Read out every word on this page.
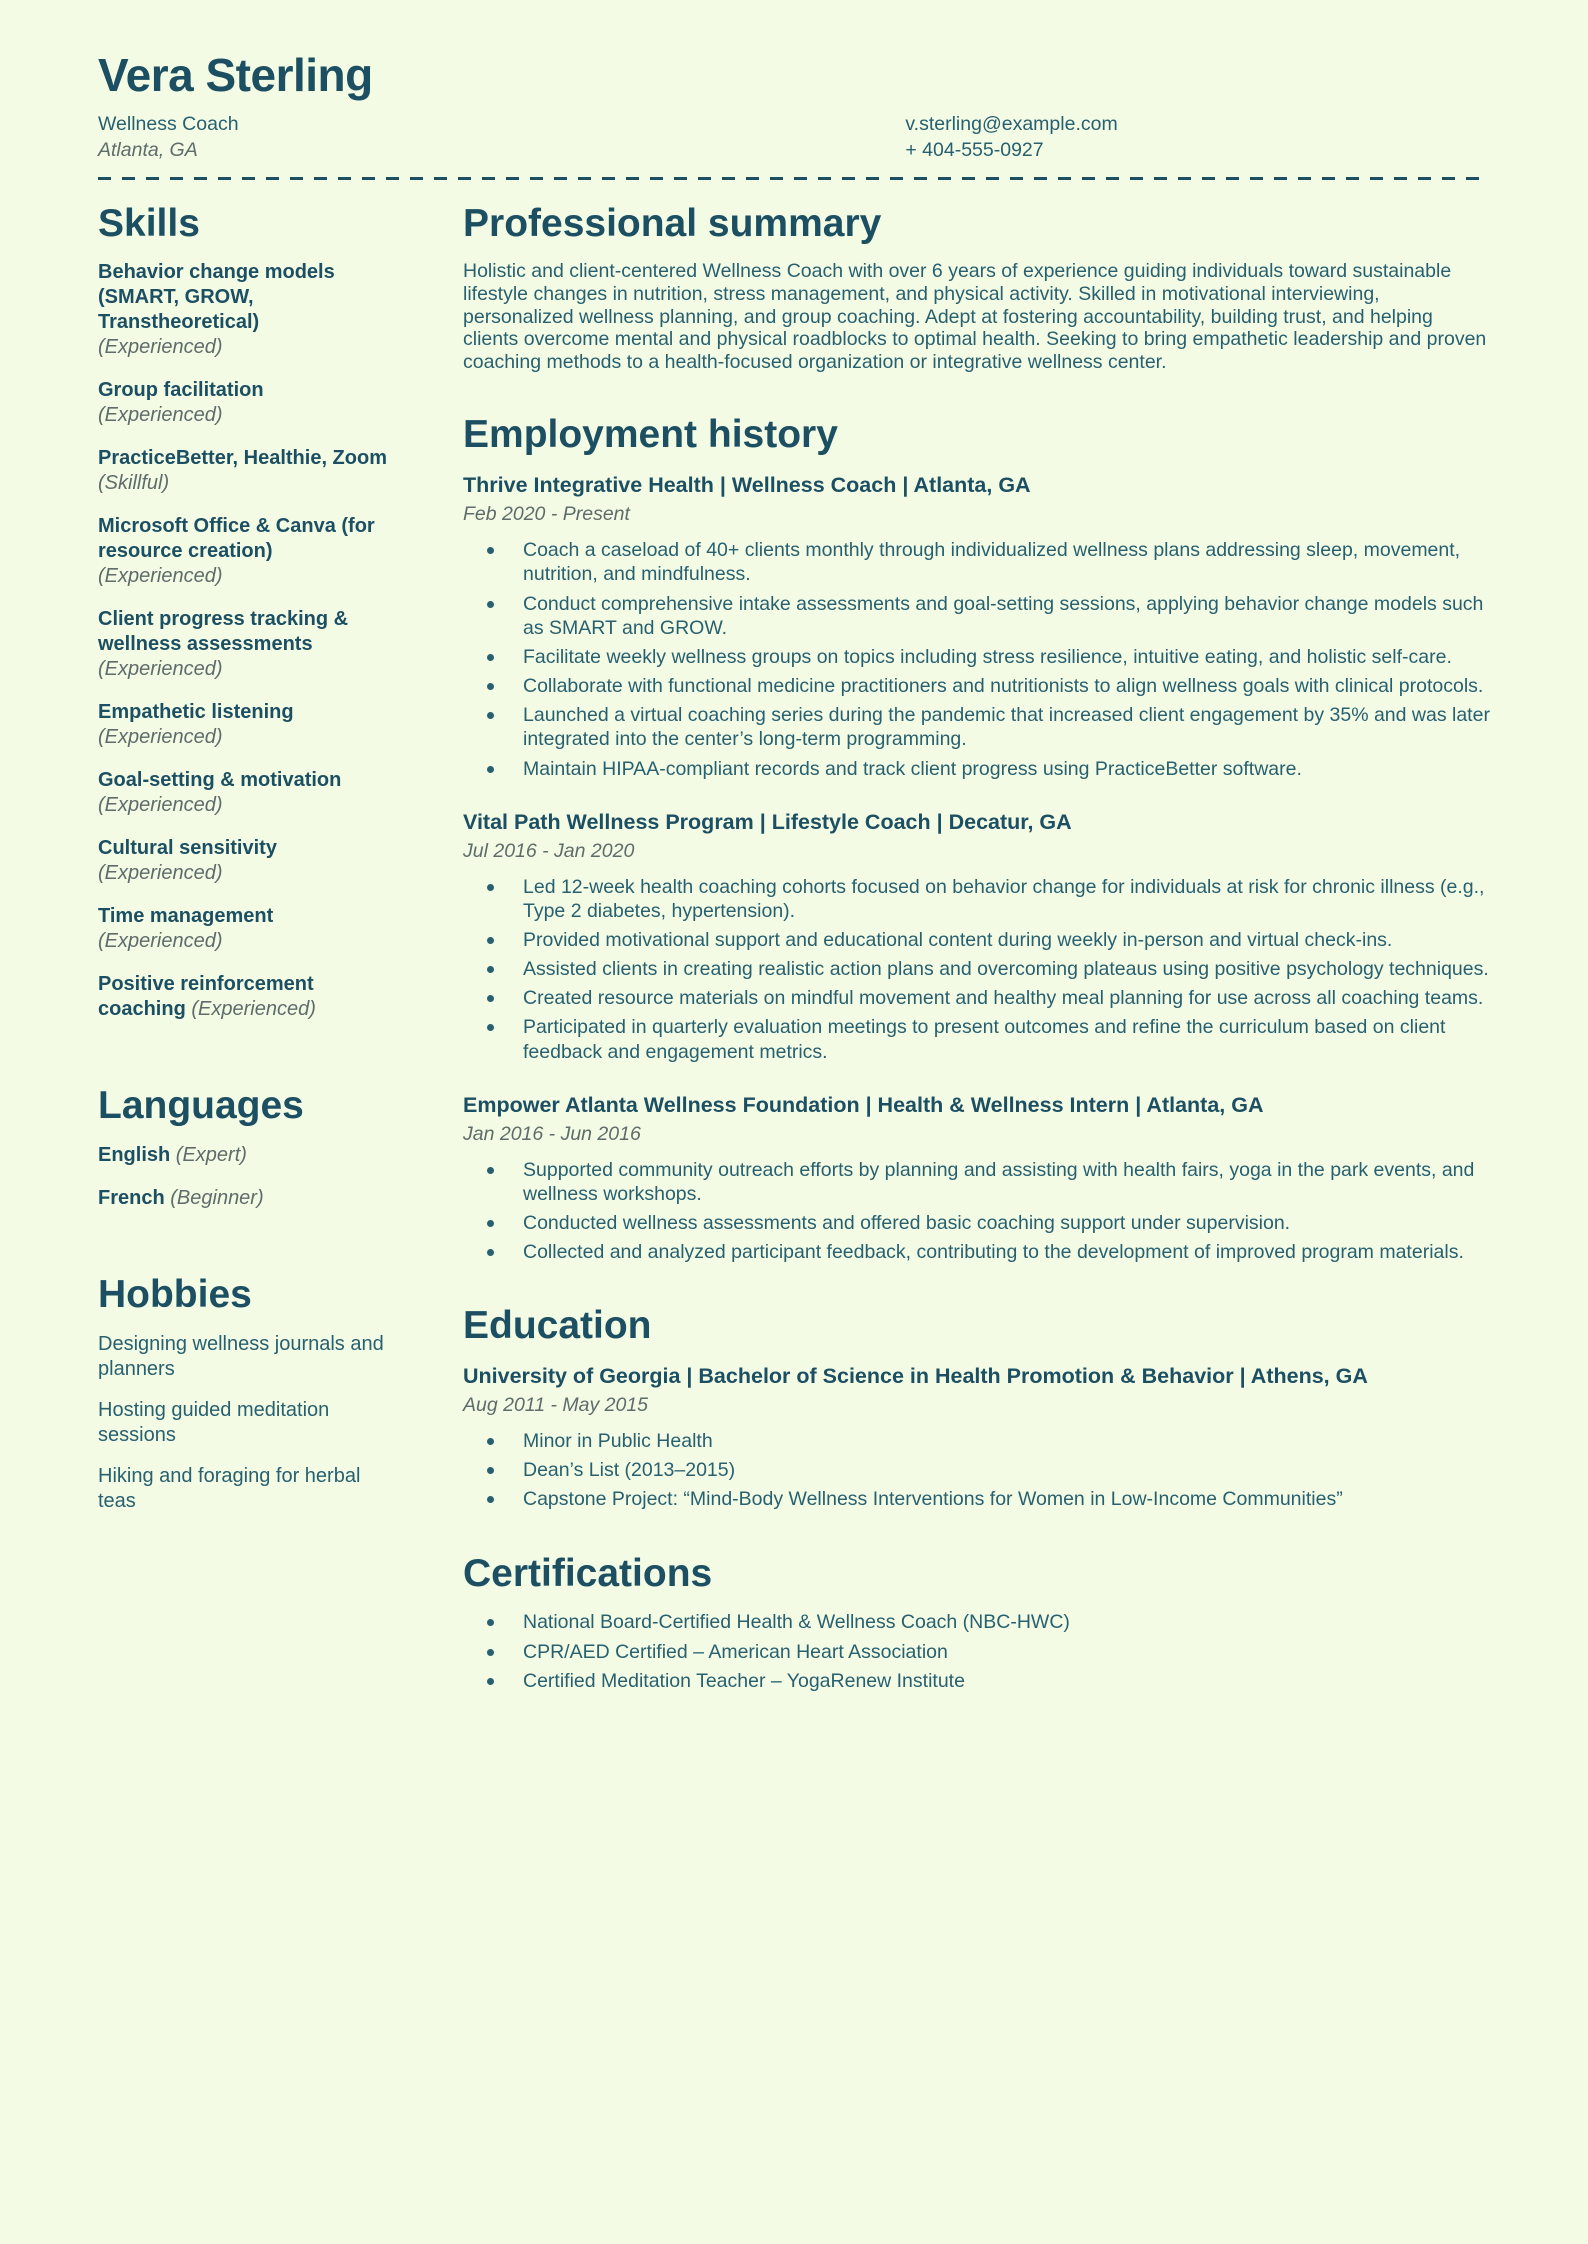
Vera Sterling
Wellness Coach	v.sterling@example.com
Atlanta, GA	+ 404-555-0927
Skills
Behavior change models (SMART, GROW, Transtheoretical)
(Experienced)
Group facilitation
(Experienced)
PracticeBetter, Healthie, Zoom (Skillful)
Microsoft Office & Canva (for resource creation)
(Experienced)
Client progress tracking & wellness assessments
(Experienced)
Empathetic listening
(Experienced)
Goal-setting & motivation
(Experienced)
Cultural sensitivity
(Experienced)
Time management
(Experienced)
Positive reinforcement coaching (Experienced)
Languages
English (Expert)
French (Beginner)
Hobbies
Designing wellness journals and planners
Hosting guided meditation sessions
Hiking and foraging for herbal teas
Professional summary

Holistic and client-centered Wellness Coach with over 6 years of experience guiding individuals toward sustainable lifestyle changes in nutrition, stress management, and physical activity. Skilled in motivational interviewing, personalized wellness planning, and group coaching. Adept at fostering accountability, building trust, and helping clients overcome mental and physical roadblocks to optimal health. Seeking to bring empathetic leadership and proven coaching methods to a health-focused organization or integrative wellness center.

Employment history
Thrive Integrative Health | Wellness Coach | Atlanta, GA
Feb 2020 - Present
Coach a caseload of 40+ clients monthly through individualized wellness plans addressing sleep, movement, nutrition, and mindfulness.
Conduct comprehensive intake assessments and goal-setting sessions, applying behavior change models such as SMART and GROW.
Facilitate weekly wellness groups on topics including stress resilience, intuitive eating, and holistic self-care.
Collaborate with functional medicine practitioners and nutritionists to align wellness goals with clinical protocols.
Launched a virtual coaching series during the pandemic that increased client engagement by 35% and was later integrated into the center’s long-term programming.
Maintain HIPAA-compliant records and track client progress using PracticeBetter software.
Vital Path Wellness Program | Lifestyle Coach | Decatur, GA
Jul 2016 - Jan 2020
Led 12-week health coaching cohorts focused on behavior change for individuals at risk for chronic illness (e.g., Type 2 diabetes, hypertension).
Provided motivational support and educational content during weekly in-person and virtual check-ins.
Assisted clients in creating realistic action plans and overcoming plateaus using positive psychology techniques.
Created resource materials on mindful movement and healthy meal planning for use across all coaching teams.
Participated in quarterly evaluation meetings to present outcomes and refine the curriculum based on client feedback and engagement metrics.
Empower Atlanta Wellness Foundation | Health & Wellness Intern | Atlanta, GA
Jan 2016 - Jun 2016
Supported community outreach efforts by planning and assisting with health fairs, yoga in the park events, and wellness workshops.
Conducted wellness assessments and offered basic coaching support under supervision.
Collected and analyzed participant feedback, contributing to the development of improved program materials.
Education
University of Georgia | Bachelor of Science in Health Promotion & Behavior | Athens, GA
Aug 2011 - May 2015
Minor in Public Health
Dean’s List (2013–2015)
Capstone Project: “Mind-Body Wellness Interventions for Women in Low-Income Communities”
Certifications
National Board-Certified Health & Wellness Coach (NBC-HWC)
CPR/AED Certified – American Heart Association
Certified Meditation Teacher – YogaRenew Institute
